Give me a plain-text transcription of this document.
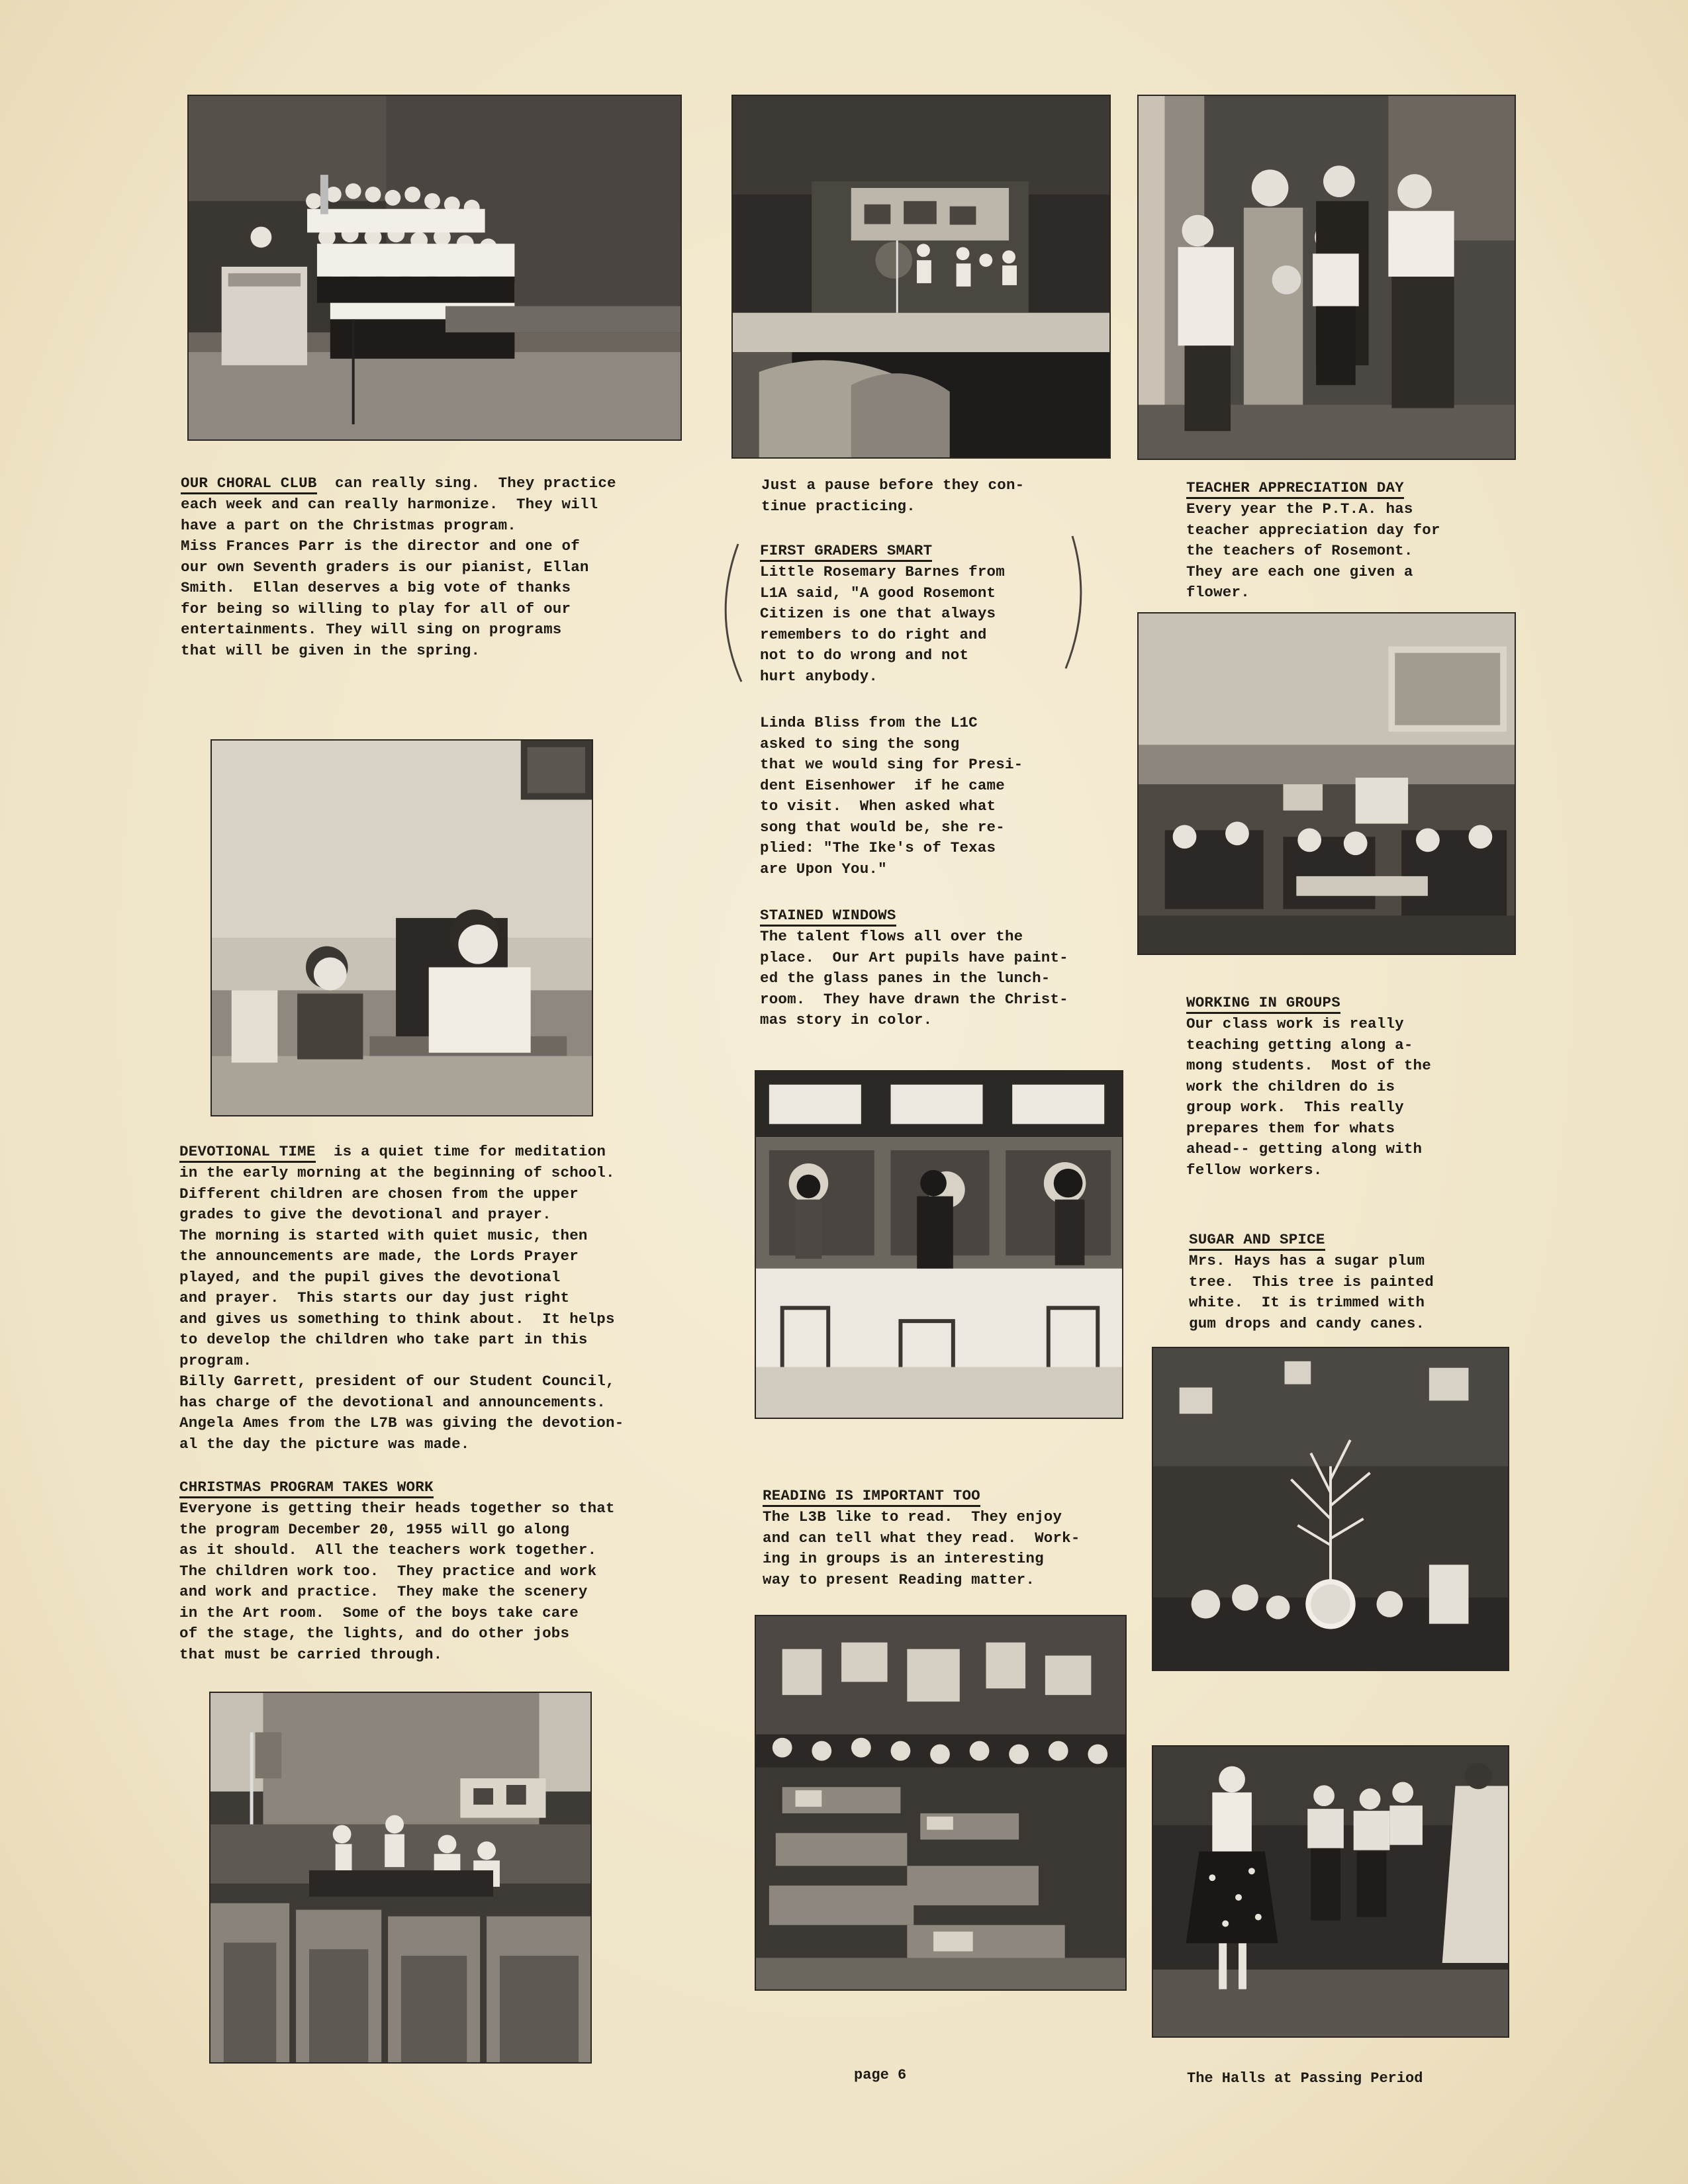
OUR CHORAL CLUB  can really sing.  They practice
each week and can really harmonize.  They will
have a part on the Christmas program.
Miss Frances Parr is the director and one of
our own Seventh graders is our pianist, Ellan
Smith.  Ellan deserves a big vote of thanks
for being so willing to play for all of our
entertainments. They will sing on programs
that will be given in the spring.
Just a pause before they con-
tinue practicing.
FIRST GRADERS SMART
Little Rosemary Barnes from
L1A said, "A good Rosemont
Citizen is one that always
remembers to do right and
not to do wrong and not
hurt anybody.
Linda Bliss from the L1C
asked to sing the song
that we would sing for Presi-
dent Eisenhower  if he came
to visit.  When asked what
song that would be, she re-
plied: "The Ike's of Texas
are Upon You."
STAINED WINDOWS
The talent flows all over the
place.  Our Art pupils have paint-
ed the glass panes in the lunch-
room.  They have drawn the Christ-
mas story in color.
TEACHER APPRECIATION DAY
Every year the P.T.A. has
teacher appreciation day for
the teachers of Rosemont.
They are each one given a
flower.
WORKING IN GROUPS
Our class work is really
teaching getting along a-
mong students.  Most of the
work the children do is
group work.  This really
prepares them for whats
ahead-- getting along with
fellow workers.
DEVOTIONAL TIME  is a quiet time for meditation
in the early morning at the beginning of school.
Different children are chosen from the upper
grades to give the devotional and prayer.
The morning is started with quiet music, then
the announcements are made, the Lords Prayer
played, and the pupil gives the devotional
and prayer.  This starts our day just right
and gives us something to think about.  It helps
to develop the children who take part in this
program.
Billy Garrett, president of our Student Council,
has charge of the devotional and announcements.
Angela Ames from the L7B was giving the devotion-
al the day the picture was made.
SUGAR AND SPICE
Mrs. Hays has a sugar plum
tree.  This tree is painted
white.  It is trimmed with
gum drops and candy canes.
READING IS IMPORTANT TOO
The L3B like to read.  They enjoy
and can tell what they read.  Work-
ing in groups is an interesting
way to present Reading matter.
CHRISTMAS PROGRAM TAKES WORK
Everyone is getting their heads together so that
the program December 20, 1955 will go along
as it should.  All the teachers work together.
The children work too.  They practice and work
and work and practice.  They make the scenery
in the Art room.  Some of the boys take care
of the stage, the lights, and do other jobs
that must be carried through.
page 6	The Halls at Passing Period
